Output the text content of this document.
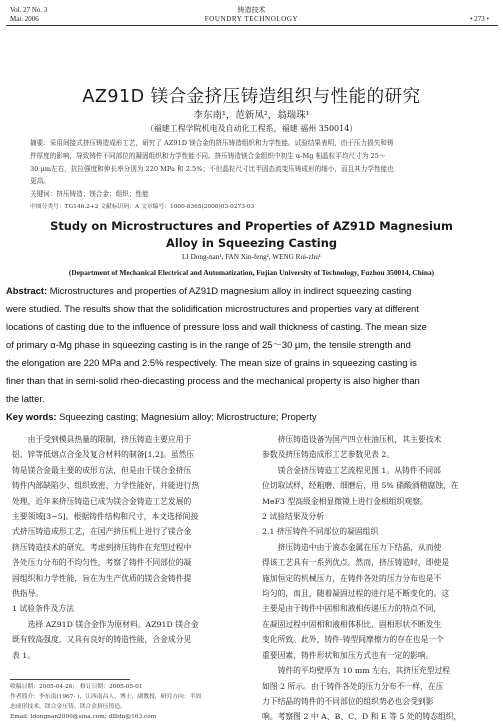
Vol. 27 No. 3
Mar. 2006
铸造技术
FOUNDRY TECHNOLOGY	• 273 •
AZ91D 镁合金挤压铸造组织与性能的研究
李东南¹，范新凤²，翁瑞珠¹
（福建工程学院机电及自动化工程系，福建 福州 350014）
摘要：采用间接式挤压铸造成形工艺，研究了 AZ91D 镁合金的挤压铸造组织和力学性能。试验结果表明，由于压力损失和铸
件厚度的影响，导致铸件不同部位的凝固组织和力学性能不同。挤压铸造镁合金组织中初生 α-Mg 相晶粒平均尺寸为 25～
30 μm左右，抗拉强度和伸长率分别为 220 MPa 和 2.5%；不但晶粒尺寸比半固态流变压铸成形的细小，而且其力学性能也
更高。
关键词：挤压铸造；镁合金；组织；性能
中图分类号：TG146.2+2 文献标识码：A 文章编号：1000-8365(2006)03-0273-03
Study on Microstructures and Properties of AZ91D Magnesium
Alloy in Squeezing Casting
LI Dong-nan¹, FAN Xin-feng², WENG Rui-zhu¹
(Department of Mechanical Electrical and Automatization, Fujian University of Technology, Fuzhou 350014, China)
Abstract: Microstructures and properties of AZ91D magnesium alloy in indirect squeezing casting
were studied. The results show that the solidification microstructures and properties vary at different
locations of casting due to the influence of pressure loss and wall thickness of casting. The mean size
of primary α-Mg phase in squeezing casting is in the range of 25～30 μm, the tensile strength and
the elongation are 220 MPa and 2.5% respectively. The mean size of grains in squeezing casting is
finer than that in semi-solid rheo-diecasting process and the mechanical property is also higher than
the latter.
Key words: Squeezing casting; Magnesium alloy; Microstructure; Property
由于受到模具热量的限制，挤压铸造主要应用于
铝、锌等低熔点合金及复合材料的制备[1,2]。虽然压
铸是镁合金最主要的成形方法，但是由于镁合金挤压
铸件内部缺陷少、组织致密、力学性能好，并能进行热
处理，近年来挤压铸造已成为镁合金铸造工艺发展的
主要领域[3~5]。根据铸件结构和尺寸，本文选择间接
式挤压铸造成形工艺，在国产挤压机上进行了镁合金
挤压铸造技术的研究。考虑到挤压铸件在充型过程中
各处压力分布的不均匀性，考察了铸件不同部位的凝
固组织和力学性能，旨在为生产优质的镁合金铸件提
供指导。
1 试验条件及方法
选择 AZ91D 镁合金作为原材料。AZ91D 镁合金
既有较高强度，又具有良好的铸造性能，合金成分见
表 1。
收稿日期：2005-04-26； 修订日期：2005-05-01
作者简介：李东南(1967- )，江西南昌人，博士，副教授，研究方向：半固
态成形技术，镁合金压铸、镁合金挤压铸造。
Email: ldongnan2000@sina.com; dllldn@163.com
挤压铸造设备为国产四立柱油压机，其主要技术
参数及挤压铸造成形工艺参数见表 2。
镁合金挤压铸造工艺流程见图 1。从铸件不同部
位切取试样，经粗磨、细磨后，用 5% 硝酸酒精腐蚀，在
MeF3 型高级金相显微镜上进行金相组织观察。
2 试验结果及分析
2.1 挤压铸件不同部位的凝固组织
挤压铸造中由于液态金属在压力下结晶，从而使
得该工艺具有一系列优点。然而，挤压铸造时，即使是
施加恒定的机械压力，在铸件各处的压力分布也是不
均匀的，而且，随着凝固过程的进行是不断变化的。这
主要是由于铸件中固相和液相传递压力的特点不同，
在凝固过程中固相和液相体积比、固相形状不断发生
变化所致。此外，铸件-铸型间摩擦力的存在也是一个
重要因素，铸件形状和加压方式也有一定的影响。
铸件的平均壁厚为 10 mm 左右，其挤压充型过程
如图 2 所示。由于铸件各处的压力分布不一样，在压
力下结晶的铸件的不同部位的组织势必也会受到影
响。考察图 2 中 A、B、C、D 和 E 等 5 处的铸态组织，
